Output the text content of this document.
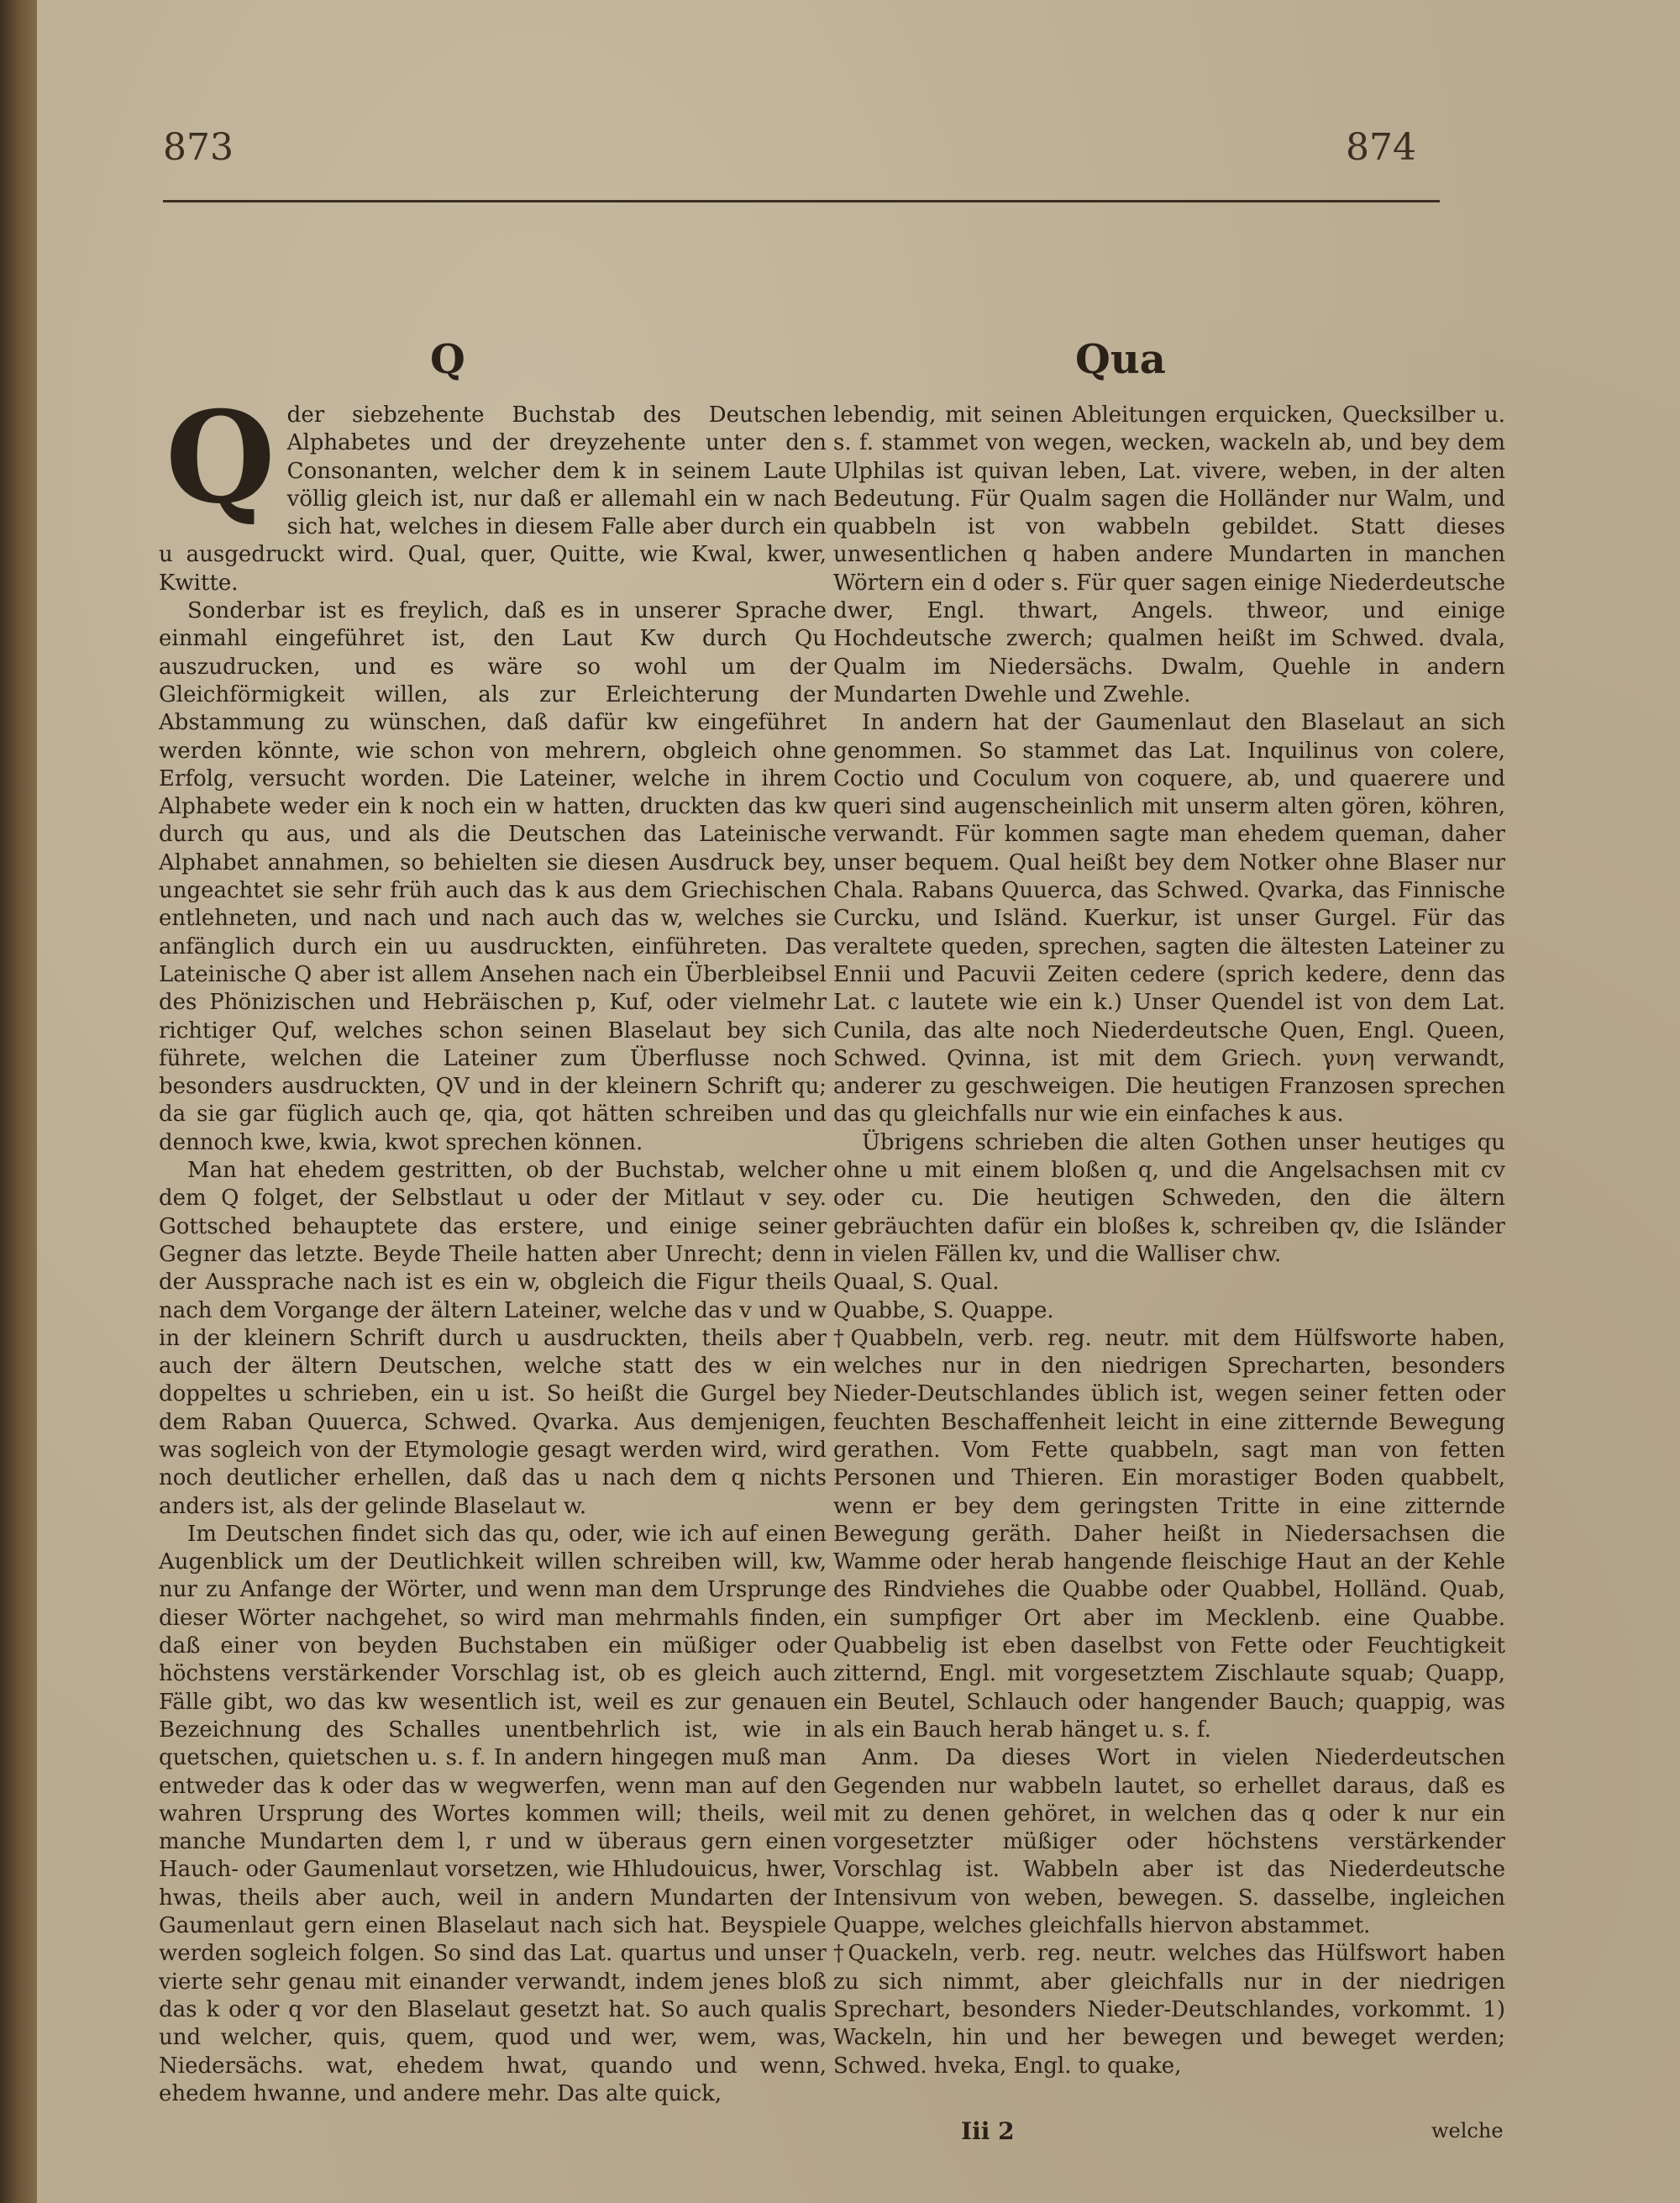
873	874
Q	Qua

Qder siebzehente Buchstab des Deutschen Alphabetes und der dreyzehente unter den Consonanten, welcher dem k in seinem Laute völlig gleich ist, nur daß er allemahl ein w nach sich hat, welches in diesem Falle aber durch ein u ausgedruckt wird. Qual, quer, Quitte, wie Kwal, kwer, Kwitte.

Sonderbar ist es freylich, daß es in unserer Sprache einmahl eingeführet ist, den Laut Kw durch Qu auszudrucken, und es wäre so wohl um der Gleichförmigkeit willen, als zur Erleichterung der Abstammung zu wünschen, daß dafür kw eingeführet werden könnte, wie schon von mehrern, obgleich ohne Erfolg, versucht worden. Die Lateiner, welche in ihrem Alphabete weder ein k noch ein w hatten, druckten das kw durch qu aus, und als die Deutschen das Lateinische Alphabet annahmen, so behielten sie diesen Ausdruck bey, ungeachtet sie sehr früh auch das k aus dem Griechischen entlehneten, und nach und nach auch das w, welches sie anfänglich durch ein uu ausdruckten, einführeten. Das Lateinische Q aber ist allem Ansehen nach ein Überbleibsel des Phönizischen und Hebräischen p, Kuf, oder vielmehr richtiger Quf, welches schon seinen Blaselaut bey sich führete, welchen die Lateiner zum Überflusse noch besonders ausdruckten, QV und in der kleinern Schrift qu; da sie gar füglich auch qe, qia, qot hätten schreiben und dennoch kwe, kwia, kwot sprechen können.

Man hat ehedem gestritten, ob der Buchstab, welcher dem Q folget, der Selbstlaut u oder der Mitlaut v sey. Gottsched behauptete das erstere, und einige seiner Gegner das letzte. Beyde Theile hatten aber Unrecht; denn der Aussprache nach ist es ein w, obgleich die Figur theils nach dem Vorgange der ältern Lateiner, welche das v und w in der kleinern Schrift durch u ausdruckten, theils aber auch der ältern Deutschen, welche statt des w ein doppeltes u schrieben, ein u ist. So heißt die Gurgel bey dem Raban Quuerca, Schwed. Qvarka. Aus demjenigen, was sogleich von der Etymologie gesagt werden wird, wird noch deutlicher erhellen, daß das u nach dem q nichts anders ist, als der gelinde Blaselaut w.

Im Deutschen findet sich das qu, oder, wie ich auf einen Augenblick um der Deutlichkeit willen schreiben will, kw, nur zu Anfange der Wörter, und wenn man dem Ursprunge dieser Wörter nachgehet, so wird man mehrmahls finden, daß einer von beyden Buchstaben ein müßiger oder höchstens verstärkender Vorschlag ist, ob es gleich auch Fälle gibt, wo das kw wesentlich ist, weil es zur genauen Bezeichnung des Schalles unentbehrlich ist, wie in quetschen, quietschen u. s. f. In andern hingegen muß man entweder das k oder das w wegwerfen, wenn man auf den wahren Ursprung des Wortes kommen will; theils, weil manche Mundarten dem l, r und w überaus gern einen Hauch- oder Gaumenlaut vorsetzen, wie Hhludouicus, hwer, hwas, theils aber auch, weil in andern Mundarten der Gaumenlaut gern einen Blaselaut nach sich hat. Beyspiele werden sogleich folgen. So sind das Lat. quartus und unser vierte sehr genau mit einander verwandt, indem jenes bloß das k oder q vor den Blaselaut gesetzt hat. So auch qualis und welcher, quis, quem, quod und wer, wem, was, Niedersächs. wat, ehedem hwat, quando und wenn, ehedem hwanne, und andere mehr. Das alte quick,

lebendig, mit seinen Ableitungen erquicken, Quecksilber u. s. f. stammet von wegen, wecken, wackeln ab, und bey dem Ulphilas ist quivan leben, Lat. vivere, weben, in der alten Bedeutung. Für Qualm sagen die Holländer nur Walm, und quabbeln ist von wabbeln gebildet. Statt dieses unwesentlichen q haben andere Mundarten in manchen Wörtern ein d oder s. Für quer sagen einige Niederdeutsche dwer, Engl. thwart, Angels. thweor, und einige Hochdeutsche zwerch; qualmen heißt im Schwed. dvala, Qualm im Niedersächs. Dwalm, Quehle in andern Mundarten Dwehle und Zwehle.

In andern hat der Gaumenlaut den Blaselaut an sich genommen. So stammet das Lat. Inquilinus von colere, Coctio und Coculum von coquere, ab, und quaerere und queri sind augenscheinlich mit unserm alten gören, köhren, verwandt. Für kommen sagte man ehedem queman, daher unser bequem. Qual heißt bey dem Notker ohne Blaser nur Chala. Rabans Quuerca, das Schwed. Qvarka, das Finnische Curcku, und Isländ. Kuerkur, ist unser Gurgel. Für das veraltete queden, sprechen, sagten die ältesten Lateiner zu Ennii und Pacuvii Zeiten cedere (sprich kedere, denn das Lat. c lautete wie ein k.) Unser Quendel ist von dem Lat. Cunila, das alte noch Niederdeutsche Quen, Engl. Queen, Schwed. Qvinna, ist mit dem Griech. γυνη verwandt, anderer zu geschweigen. Die heutigen Franzosen sprechen das qu gleichfalls nur wie ein einfaches k aus.

Übrigens schrieben die alten Gothen unser heutiges qu ohne u mit einem bloßen q, und die Angelsachsen mit cv oder cu. Die heutigen Schweden, den die ältern gebräuchten dafür ein bloßes k, schreiben qv, die Isländer in vielen Fällen kv, und die Walliser chw.

Quaal, S. Qual.

Quabbe, S. Quappe.

†Quabbeln, verb. reg. neutr. mit dem Hülfsworte haben, welches nur in den niedrigen Sprecharten, besonders Nieder-Deutschlandes üblich ist, wegen seiner fetten oder feuchten Beschaffenheit leicht in eine zitternde Bewegung gerathen. Vom Fette quabbeln, sagt man von fetten Personen und Thieren. Ein morastiger Boden quabbelt, wenn er bey dem geringsten Tritte in eine zitternde Bewegung geräth. Daher heißt in Niedersachsen die Wamme oder herab hangende fleischige Haut an der Kehle des Rindviehes die Quabbe oder Quabbel, Holländ. Quab, ein sumpfiger Ort aber im Mecklenb. eine Quabbe. Quabbelig ist eben daselbst von Fette oder Feuchtigkeit zitternd, Engl. mit vorgesetztem Zischlaute squab; Quapp, ein Beutel, Schlauch oder hangender Bauch; quappig, was als ein Bauch herab hänget u. s. f.

Anm. Da dieses Wort in vielen Niederdeutschen Gegenden nur wabbeln lautet, so erhellet daraus, daß es mit zu denen gehöret, in welchen das q oder k nur ein vorgesetzter müßiger oder höchstens verstärkender Vorschlag ist. Wabbeln aber ist das Niederdeutsche Intensivum von weben, bewegen. S. dasselbe, ingleichen Quappe, welches gleichfalls hiervon abstammet.

†Quackeln, verb. reg. neutr. welches das Hülfswort haben zu sich nimmt, aber gleichfalls nur in der niedrigen Sprechart, besonders Nieder-Deutschlandes, vorkommt. 1) Wackeln, hin und her bewegen und beweget werden; Schwed. hveka, Engl. to quake,

Iii 2	welche
